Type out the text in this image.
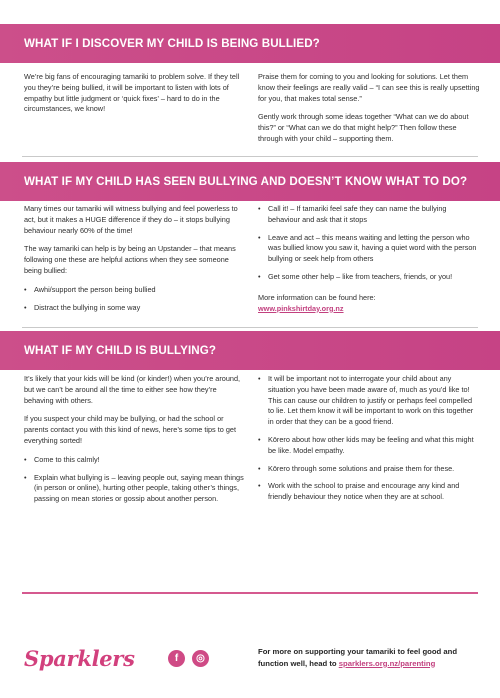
WHAT IF I DISCOVER MY CHILD IS BEING BULLIED?

We’re big fans of encouraging tamariki to problem solve. If they tell you they’re being bullied, it will be important to listen with lots of empathy but little judgment or ‘quick fixes’ – hard to do in the circumstances, we know!

Praise them for coming to you and looking for solutions. Let them know their feelings are really valid – “I can see this is really upsetting for you, that makes total sense.”

Gently work through some ideas together “What can we do about this?” or “What can we do that might help?” Then follow these through with your child – supporting them.

WHAT IF MY CHILD HAS SEEN BULLYING AND DOESN’T KNOW WHAT TO DO?

Many times our tamariki will witness bullying and feel powerless to act, but it makes a HUGE difference if they do – it stops bullying behaviour nearly 60% of the time!

The way tamariki can help is by being an Upstander – that means following one these are helpful actions when they see someone being bullied:

• Awhi/support the person being bullied
• Distract the bullying in some way
• Call it! – If tamariki feel safe they can name the bullying behaviour and ask that it stops
• Leave and act – this means waiting and letting the person who was bullied know you saw it, having a quiet word with the person bullying or seek help from others
• Get some other help – like from teachers, friends, or you!

More information can be found here:

www.pinkshirtday.org.nz
WHAT IF MY CHILD IS BULLYING?

It’s likely that your kids will be kind (or kinder!) when you’re around, but we can’t be around all the time to either see how they’re behaving with others.

If you suspect your child may be bullying, or had the school or parents contact you with this kind of news, here’s some tips to get everything sorted!

• Come to this calmly!
• Explain what bullying is – leaving people out, saying mean things (in person or online), hurting other people, taking other’s things, passing on mean stories or gossip about another person.
• It will be important not to interrogate your child about any situation you have been made aware of, much as you’d like to! This can cause our children to justify or perhaps feel compelled to lie. Let them know it will be important to work on this together in order that they can be a good friend.
• Kōrero about how other kids may be feeling and what this might be like. Model empathy.
• Kōrero through some solutions and praise them for these.
• Work with the school to praise and encourage any kind and friendly behaviour they notice when they are at school.
Sparklers	f	◎
For more on supporting your tamariki to feel good and function well, head to sparklers.org.nz/parenting
